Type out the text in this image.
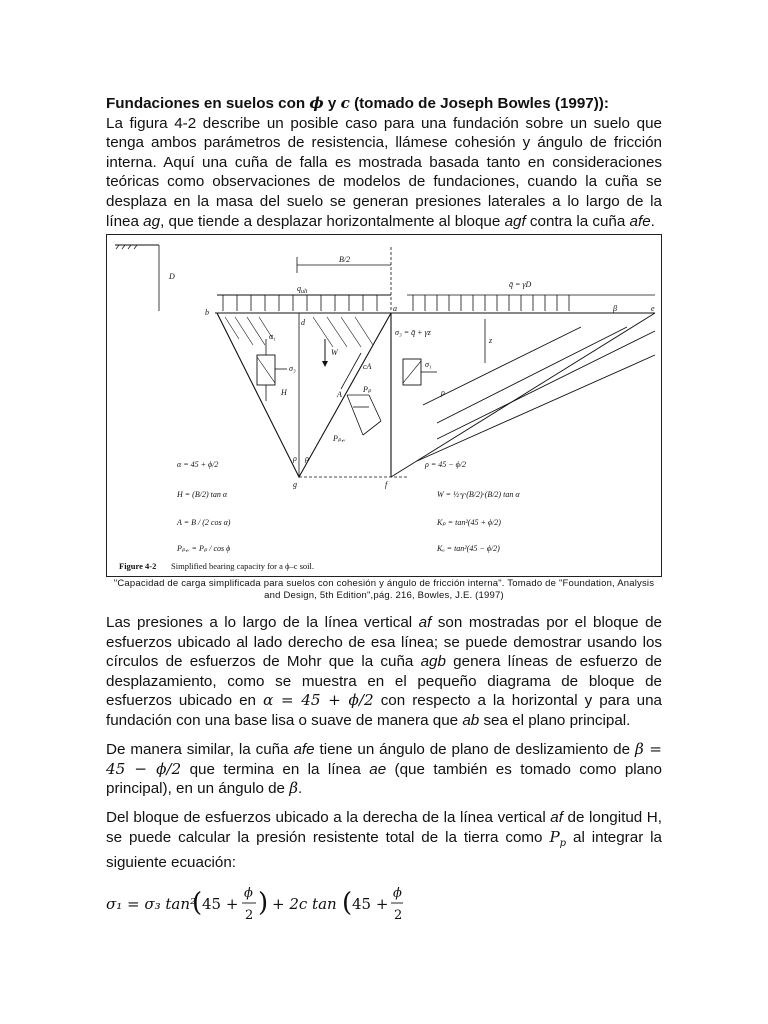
Fundaciones en suelos con ϕ y c (tomado de Joseph Bowles (1997)):
La figura 4-2 describe un posible caso para una fundación sobre un suelo que tenga ambos parámetros de resistencia, llámese cohesión y ángulo de fricción interna. Aquí una cuña de falla es mostrada basada tanto en consideraciones teóricas como observaciones de modelos de fundaciones, cuando la cuña se desplaza en la masa del suelo se generan presiones laterales a lo largo de la línea ag, que tiende a desplazar horizontalmente al bloque agf contra la cuña afe.

D
B/2
$q_{ult}$
q̄ = γD
b
d
a	e
g	f
σ₁
σ₃
H
W
cA
A
Pₚ
Pₚ,ᵥ
ρ ρ
β
σ₃ = q̄ + γz
z
σ₁
ρ
ρ = 45 − ϕ/2
α = 45 + ϕ/2
H = (B/2) tan α
A = B / (2 cos α)
Pₚ,ᵥ = Pₚ / cos ϕ
W = ½·γ·(B/2)·(B/2) tan α
Kₚ = tan²(45 + ϕ/2)
Kₐ = tan²(45 − ϕ/2)
Figure 4-2 Simplified bearing capacity for a ϕ–c soil.
"Capacidad de carga simplificada para suelos con cohesión y ángulo de fricción interna". Tomado de "Foundation, Analysis
and Design, 5th Edition",pág. 216, Bowles, J.E. (1997)

Las presiones a lo largo de la línea vertical af son mostradas por el bloque de esfuerzos ubicado al lado derecho de esa línea; se puede demostrar usando los círculos de esfuerzos de Mohr que la cuña agb genera líneas de esfuerzo de desplazamiento, como se muestra en el pequeño diagrama de bloque de esfuerzos ubicado en α = 45 + ϕ/2 con respecto a la horizontal y para una fundación con una base lisa o suave de manera que ab sea el plano principal.

De manera similar, la cuña afe tiene un ángulo de plano de deslizamiento de β = 45 − ϕ/2 que termina en la línea ae (que también es tomado como plano principal), en un ángulo de β.

Del bloque de esfuerzos ubicado a la derecha de la línea vertical af de longitud H, se puede calcular la presión resistente total de la tierra como $P_p$ al integrar la siguiente ecuación:

σ₁ = σ₃ tan²
( 45 +
ϕ
2 ) + 2c tan ( 45 +
ϕ
2
